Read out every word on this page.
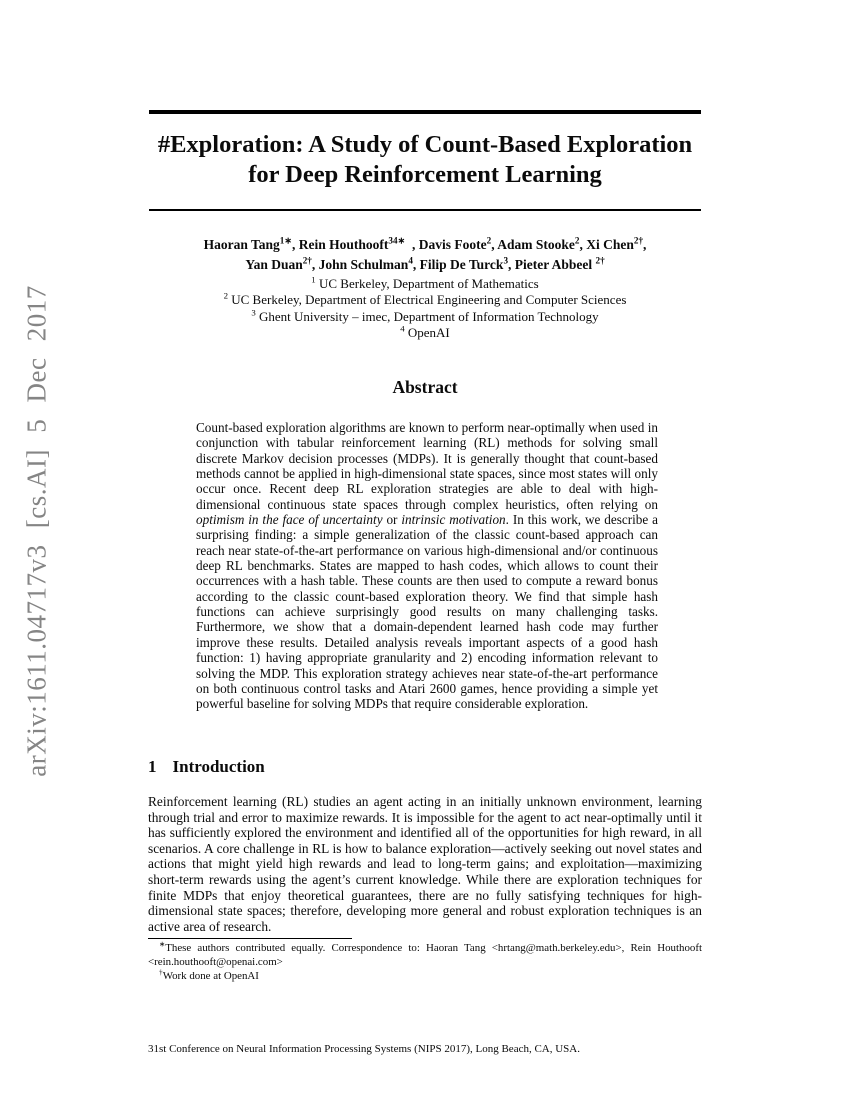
arXiv:1611.04717v3 [cs.AI] 5 Dec 2017
#Exploration: A Study of Count-Based Exploration
for Deep Reinforcement Learning
Haoran Tang$^{1∗}$, Rein Houthooft$^{34∗}$  , Davis Foote$^2$, Adam Stooke$^2$, Xi Chen$^{2\dagger}$,
Yan Duan$^{2\dagger}$, John Schulman$^4$, Filip De Turck$^3$, Pieter Abbeel $^{2\dagger}$
$^1$ UC Berkeley, Department of Mathematics
$^2$ UC Berkeley, Department of Electrical Engineering and Computer Sciences
$^3$ Ghent University – imec, Department of Information Technology
$^4$ OpenAI
Abstract
Count-based exploration algorithms are known to perform near-optimally when used in conjunction with tabular reinforcement learning (RL) methods for solving small discrete Markov decision processes (MDPs). It is generally thought that count-based methods cannot be applied in high-dimensional state spaces, since most states will only occur once. Recent deep RL exploration strategies are able to deal with high-dimensional continuous state spaces through complex heuristics, often relying on optimism in the face of uncertainty or intrinsic motivation. In this work, we describe a surprising finding: a simple generalization of the classic count-based approach can reach near state-of-the-art performance on various high-dimensional and/or continuous deep RL benchmarks. States are mapped to hash codes, which allows to count their occurrences with a hash table. These counts are then used to compute a reward bonus according to the classic count-based exploration theory. We find that simple hash functions can achieve surprisingly good results on many challenging tasks. Furthermore, we show that a domain-dependent learned hash code may further improve these results. Detailed analysis reveals important aspects of a good hash function: 1) having appropriate granularity and 2) encoding information relevant to solving the MDP. This exploration strategy achieves near state-of-the-art performance on both continuous control tasks and Atari 2600 games, hence providing a simple yet powerful baseline for solving MDPs that require considerable exploration.
1 Introduction
Reinforcement learning (RL) studies an agent acting in an initially unknown environment, learning through trial and error to maximize rewards. It is impossible for the agent to act near-optimally until it has sufficiently explored the environment and identified all of the opportunities for high reward, in all scenarios. A core challenge in RL is how to balance exploration—actively seeking out novel states and actions that might yield high rewards and lead to long-term gains; and exploitation—maximizing short-term rewards using the agent’s current knowledge. While there are exploration techniques for finite MDPs that enjoy theoretical guarantees, there are no fully satisfying techniques for high-dimensional state spaces; therefore, developing more general and robust exploration techniques is an active area of research.

∗These authors contributed equally. Correspondence to: Haoran Tang <hrtang@math.berkeley.edu>, Rein Houthooft <rein.houthooft@openai.com>

†Work done at OpenAI

31st Conference on Neural Information Processing Systems (NIPS 2017), Long Beach, CA, USA.
